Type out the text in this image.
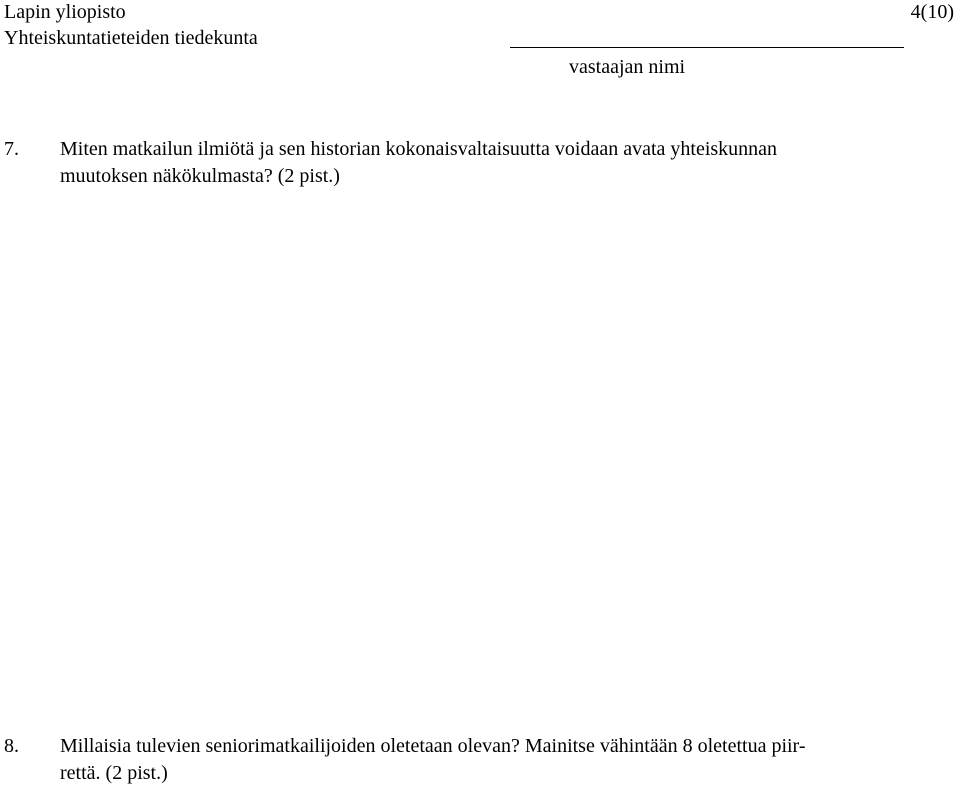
Lapin yliopisto
Yhteiskuntatieteiden tiedekunta
4(10)
vastaajan nimi
7. Miten matkailun ilmiötä ja sen historian kokonaisvaltaisuutta voidaan avata yhteiskunnan
muutoksen näkökulmasta? (2 pist.)
8. Millaisia tulevien seniorimatkailijoiden oletetaan olevan? Mainitse vähintään 8 oletettua piir-
rettä. (2 pist.)
